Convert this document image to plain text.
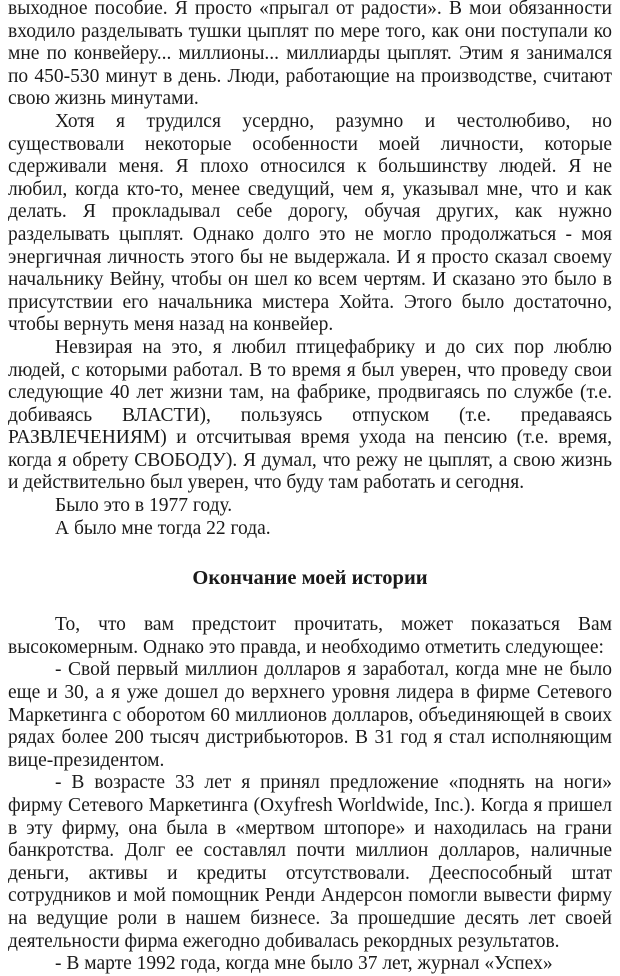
выходное пособие. Я просто «прыгал от радости». В мои обязанности входило разделывать тушки цыплят по мере того, как они поступали ко мне по конвейеру... миллионы... миллиарды цыплят. Этим я занимался по 450-530 минут в день. Люди, работающие на производстве, считают свою жизнь минутами.

Хотя я трудился усердно, разумно и честолюбиво, но существовали некоторые особенности моей личности, которые сдерживали меня. Я плохо относился к большинству людей. Я не любил, когда кто-то, менее сведущий, чем я, указывал мне, что и как делать. Я прокладывал себе дорогу, обучая других, как нужно разделывать цыплят. Однако долго это не могло продолжаться - моя энергичная личность этого бы не выдержала. И я просто сказал своему начальнику Вейну, чтобы он шел ко всем чертям. И сказано это было в присутствии его начальника мистера Хойта. Этого было достаточно, чтобы вернуть меня назад на конвейер.

Невзирая на это, я любил птицефабрику и до сих пор люблю людей, с которыми работал. В то время я был уверен, что проведу свои следующие 40 лет жизни там, на фабрике, продвигаясь по службе (т.е. добиваясь ВЛАСТИ), пользуясь отпуском (т.е. предаваясь РАЗВЛЕЧЕНИЯМ) и отсчитывая время ухода на пенсию (т.е. время, когда я обрету СВОБОДУ). Я думал, что режу не цыплят, а свою жизнь и действительно был уверен, что буду там работать и сегодня.

Было это в 1977 году.

А было мне тогда 22 года.

Окончание моей истории

То, что вам предстоит прочитать, может показаться Вам высокомерным. Однако это правда, и необходимо отметить следующее:

- Свой первый миллион долларов я заработал, когда мне не было еще и 30, а я уже дошел до верхнего уровня лидера в фирме Сетевого Маркетинга с оборотом 60 миллионов долларов, объединяющей в своих рядах более 200 тысяч дистрибьюторов. В 31 год я стал исполняющим вице-президентом.

- В возрасте 33 лет я принял предложение «поднять на ноги» фирму Сетевого Маркетинга (Oxyfresh Worldwide, Inc.). Когда я пришел в эту фирму, она была в «мертвом штопоре» и находилась на грани банкротства. Долг ее составлял почти миллион долларов, наличные деньги, активы и кредиты отсутствовали. Дееспособный штат сотрудников и мой помощник Ренди Андерсон помогли вывести фирму на ведущие роли в нашем бизнесе. За прошедшие десять лет своей деятельности фирма ежегодно добивалась рекордных результатов.

- В марте 1992 года, когда мне было 37 лет, журнал «Успех»
